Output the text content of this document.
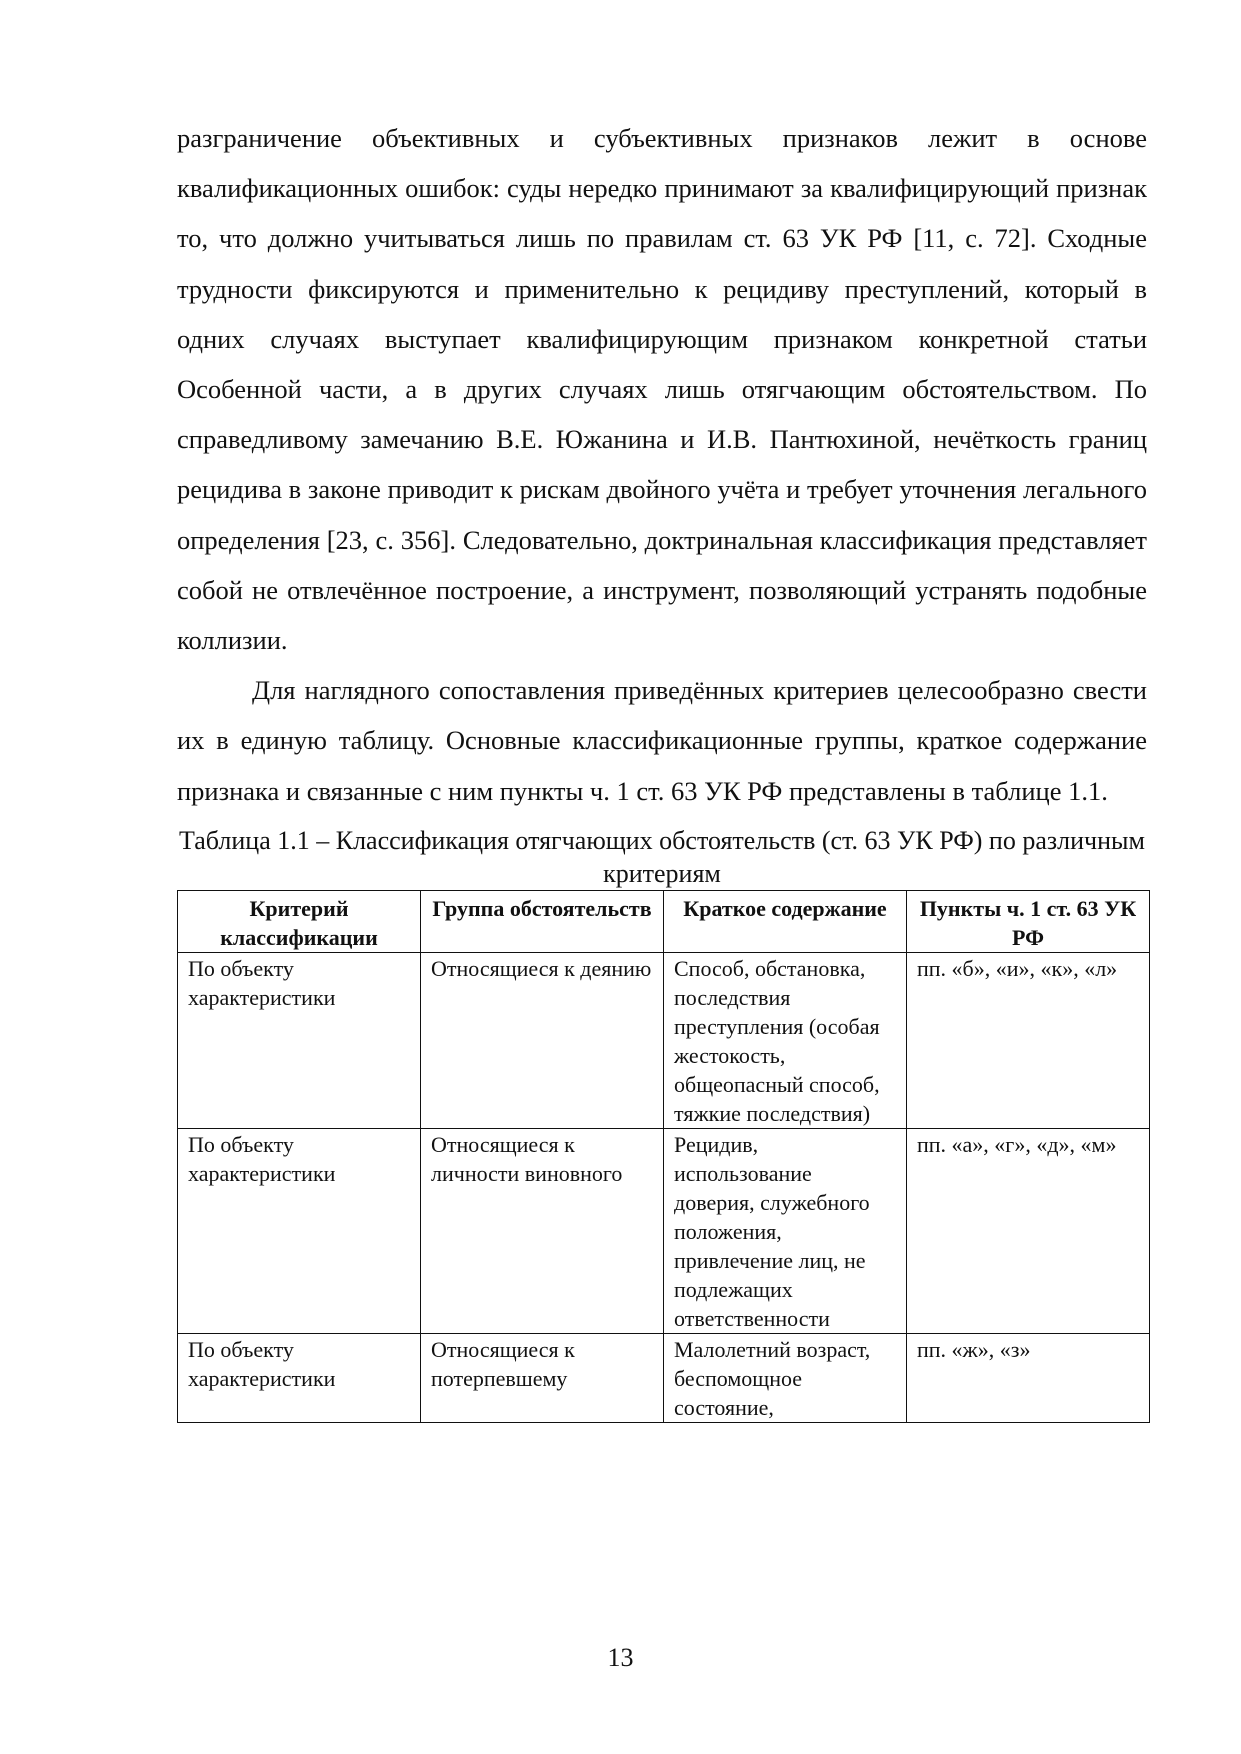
разграничение объективных и субъективных признаков лежит в основе квалификационных ошибок: суды нередко принимают за квалифицирующий признак то, что должно учитываться лишь по правилам ст. 63 УК РФ [11, с. 72]. Сходные трудности фиксируются и применительно к рецидиву преступлений, который в одних случаях выступает квалифицирующим признаком конкретной статьи Особенной части, а в других случаях лишь отягчающим обстоятельством. По справедливому замечанию В.Е. Южанина и И.В. Пантюхиной, нечёткость границ рецидива в законе приводит к рискам двойного учёта и требует уточнения легального определения [23, с. 356]. Следовательно, доктринальная классификация представляет собой не отвлечённое построение, а инструмент, позволяющий устранять подобные коллизии.

Для наглядного сопоставления приведённых критериев целесообразно свести их в единую таблицу. Основные классификационные группы, краткое содержание признака и связанные с ним пункты ч. 1 ст. 63 УК РФ представлены в таблице 1.1.

Таблица 1.1 – Классификация отягчающих обстоятельств (ст. 63 УК РФ) по различным критериям

Критерий классификации	Группа обстоятельств	Краткое содержание	Пункты ч. 1 ст. 63 УК РФ
По объекту характеристики	Относящиеся к деянию	Способ, обстановка, последствия преступления (особая жестокость, общеопасный способ, тяжкие последствия)	пп. «б», «и», «к», «л»
По объекту характеристики	Относящиеся к личности виновного	Рецидив, использование доверия, служебного положения, привлечение лиц, не подлежащих ответственности	пп. «а», «г», «д», «м»
По объекту характеристики	Относящиеся к потерпевшему	Малолетний возраст, беспомощное состояние,	пп. «ж», «з»
13
